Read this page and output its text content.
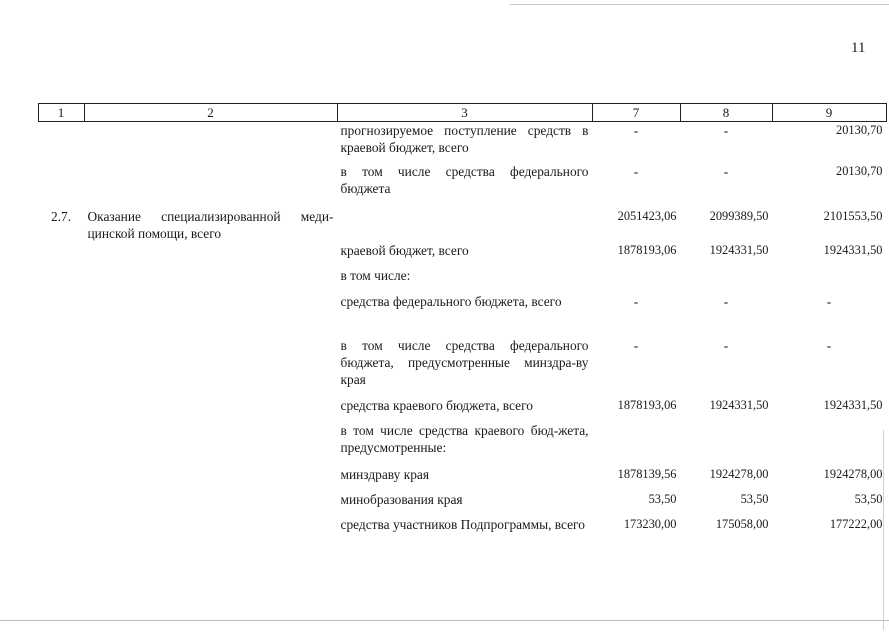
11
1	2	3	7	8	9
		прогнозируемое поступление средств в краевой бюджет, всего	-	-	20130,70
		в том числе средства федерального бюджета	-	-	20130,70
2.7.	Оказание специализированной меди-цинской помощи, всего		2051423,06	2099389,50	2101553,50
		краевой бюджет, всего	1878193,06	1924331,50	1924331,50
		в том числе:			
		средства федерального бюджета, всего	-	-	-
		в том числе средства федерального бюджета, предусмотренные минздра-ву края	-	-	-
		средства краевого бюджета, всего	1878193,06	1924331,50	1924331,50
		в том числе средства краевого бюд-жета, предусмотренные:			
		минздраву края	1878139,56	1924278,00	1924278,00
		минобразования края	53,50	53,50	53,50
		средства участников Подпрограммы, всего	173230,00	175058,00	177222,00
